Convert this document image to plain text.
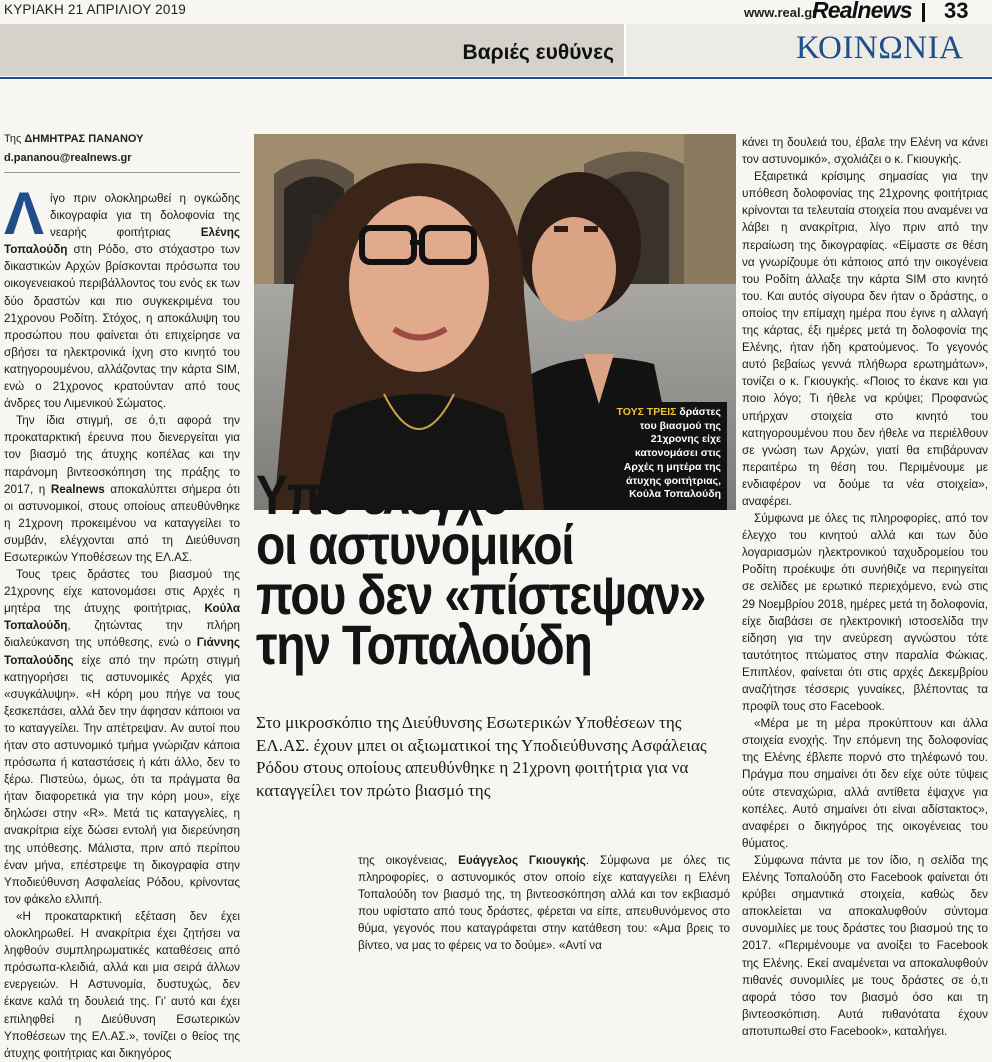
ΚΥΡΙΑΚΗ 21 ΑΠΡΙΛΙΟΥ 2019	www.real.gr
Realnews 33
Βαριές ευθύνες	ΚΟΙΝΩΝΙΑ
Της ΔΗΜΗΤΡΑΣ ΠΑΝΑΝΟΥ
d.pananou@realnews.gr

Λίγο πριν ολοκληρωθεί η ογκώδης δικογραφία για τη δολοφονία της νεαρής φοιτήτριας Ελένης Τοπαλούδη στη Ρόδο, στο στόχαστρο των δικαστικών Αρχών βρίσκονται πρόσωπα του οικογενειακού περιβάλλοντος του ενός εκ των δύο δραστών και πιο συγκεκριμένα του 21χρονου Ροδίτη. Στόχος, η αποκάλυψη του προσώπου που φαίνεται ότι επιχείρησε να σβήσει τα ηλεκτρονικά ίχνη στο κινητό του κατηγορουμένου, αλλάζοντας την κάρτα SIM, ενώ ο 21χρονος κρατούνταν από τους άνδρες του Λιμενικού Σώματος.

Την ίδια στιγμή, σε ό,τι αφορά την προκαταρκτική έρευνα που διενεργείται για τον βιασμό της άτυχης κοπέλας και την παράνομη βιντεοσκόπηση της πράξης το 2017, η Realnews αποκαλύπτει σήμερα ότι οι αστυνομικοί, στους οποίους απευθύνθηκε η 21χρονη προκειμένου να καταγγείλει το συμβάν, ελέγχονται από τη Διεύθυνση Εσωτερικών Υποθέσεων της ΕΛ.ΑΣ.

Τους τρεις δράστες του βιασμού της 21χρονης είχε κατονομάσει στις Αρχές η μητέρα της άτυχης φοιτήτριας, Κούλα Τοπαλούδη, ζητώντας την πλήρη διαλεύκανση της υπόθεσης, ενώ ο Γιάννης Τοπαλούδης είχε από την πρώτη στιγμή κατηγορήσει τις αστυνομικές Αρχές για «συγκάλυψη». «Η κόρη μου πήγε να τους ξεσκεπάσει, αλλά δεν την άφησαν κάποιοι να το καταγγείλει. Την απέτρεψαν. Αν αυτοί που ήταν στο αστυνομικό τμήμα γνώριζαν κάποια πρόσωπα ή καταστάσεις ή κάτι άλλο, δεν το ξέρω. Πιστεύω, όμως, ότι τα πράγματα θα ήταν διαφορετικά για την κόρη μου», είχε δηλώσει στην «R». Μετά τις καταγγελίες, η ανακρίτρια είχε δώσει εντολή για διερεύνηση της υπόθεσης. Μάλιστα, πριν από περίπου έναν μήνα, επέστρεψε τη δικογραφία στην Υποδιεύθυνση Ασφαλείας Ρόδου, κρίνοντας τον φάκελο ελλιπή.

«Η προκαταρκτική εξέταση δεν έχει ολοκληρωθεί. Η ανακρίτρια έχει ζητήσει να ληφθούν συμπληρωματικές καταθέσεις από πρόσωπα-κλειδιά, αλλά και μια σειρά άλλων ενεργειών. Η Αστυνομία, δυστυχώς, δεν έκανε καλά τη δουλειά της. Γι’ αυτό και έχει επιληφθεί η Διεύθυνση Εσωτερικών Υποθέσεων της ΕΛ.ΑΣ.», τονίζει ο θείος της άτυχης φοιτήτριας και δικηγόρος

ΤΟΥΣ ΤΡΕΙΣ δράστες του βιασμού της 21χρονης είχε κατονομάσει στις Αρχές η μητέρα της άτυχης φοιτήτριας, Κούλα Τοπαλούδη
Υπό έλεγχο
οι αστυνομικοί
που δεν «πίστεψαν»
την Τοπαλούδη
Στο μικροσκόπιο της Διεύθυνσης Εσωτερικών Υποθέσεων της ΕΛ.ΑΣ. έχουν μπει οι αξιωματικοί της Υποδιεύθυνσης Ασφάλειας Ρόδου στους οποίους απευθύνθηκε η 21χρονη φοιτήτρια για να καταγγείλει τον πρώτο βιασμό της

της οικογένειας, Ευάγγελος Γκιουγκής. Σύμφωνα με όλες τις πληροφορίες, ο αστυνομικός στον οποίο είχε καταγγείλει η Ελένη Τοπαλούδη τον βιασμό της, τη βιντεοσκόπηση αλλά και τον εκβιασμό που υφίστατο από τους δράστες, φέρεται να είπε, απευθυνόμενος στο θύμα, γεγονός που καταγράφεται στην κατάθεση του: «Αμα βρεις το βίντεο, να μας το φέρεις να το δούμε». «Αντί να

κάνει τη δουλειά του, έβαλε την Ελένη να κάνει τον αστυνομικό», σχολιάζει ο κ. Γκιουγκής.

Εξαιρετικά κρίσιμης σημασίας για την υπόθεση δολοφονίας της 21χρονης φοιτήτριας κρίνονται τα τελευταία στοιχεία που αναμένει να λάβει η ανακρίτρια, λίγο πριν από την περαίωση της δικογραφίας. «Είμαστε σε θέση να γνωρίζουμε ότι κάποιος από την οικογένεια του Ροδίτη άλλαξε την κάρτα SIM στο κινητό του. Και αυτός σίγουρα δεν ήταν ο δράστης, ο οποίος την επίμαχη ημέρα που έγινε η αλλαγή της κάρτας, έξι ημέρες μετά τη δολοφονία της Ελένης, ήταν ήδη κρατούμενος. Το γεγονός αυτό βεβαίως γεννά πλήθωρα ερωτημάτων», τονίζει ο κ. Γκιουγκής. «Ποιος το έκανε και για ποιο λόγο; Τι ήθελε να κρύψει; Προφανώς υπήρχαν στοιχεία στο κινητό του κατηγορουμένου που δεν ήθελε να περιέλθουν σε γνώση των Αρχών, γιατί θα επιβάρυναν περαιτέρω τη θέση του. Περιμένουμε με ενδιαφέρον να δούμε τα νέα στοιχεία», αναφέρει.

Σύμφωνα με όλες τις πληροφορίες, από τον έλεγχο του κινητού αλλά και των δύο λογαριασμών ηλεκτρονικού ταχυδρομείου του Ροδίτη προέκυψε ότι συνήθιζε να περιηγείται σε σελίδες με ερωτικό περιεχόμενο, ενώ στις 29 Νοεμβρίου 2018, ημέρες μετά τη δολοφονία, είχε διαβάσει σε ηλεκτρονική ιστοσελίδα την είδηση για την ανεύρεση αγνώστου τότε ταυτότητος πτώματος στην παραλία Φώκιας. Επιπλέον, φαίνεται ότι στις αρχές Δεκεμβρίου αναζήτησε τέσσερις γυναίκες, βλέποντας τα προφίλ τους στο Facebook.

«Μέρα με τη μέρα προκύπτουν και άλλα στοιχεία ενοχής. Την επόμενη της δολοφονίας της Ελένης έβλεπε πορνό στο τηλέφωνό του. Πράγμα που σημαίνει ότι δεν είχε ούτε τύψεις ούτε στεναχώρια, αλλά αντίθετα έψαχνε για κοπέλες. Αυτό σημαίνει ότι είναι αδίστακτος», αναφέρει ο δικηγόρος της οικογένειας του θύματος.

Σύμφωνα πάντα με τον ίδιο, η σελίδα της Ελένης Τοπαλούδη στο Facebook φαίνεται ότι κρύβει σημαντικά στοιχεία, καθώς δεν αποκλείεται να αποκαλυφθούν σύντομα συνομιλίες με τους δράστες του βιασμού της το 2017. «Περιμένουμε να ανοίξει το Facebook της Ελένης. Εκεί αναμένεται να αποκαλυφθούν πιθανές συνομιλίες με τους δράστες σε ό,τι αφορά τόσο τον βιασμό όσο και τη βιντεοσκόπιση. Αυτά πιθανότατα έχουν αποτυπωθεί στο Facebook», καταλήγει.
